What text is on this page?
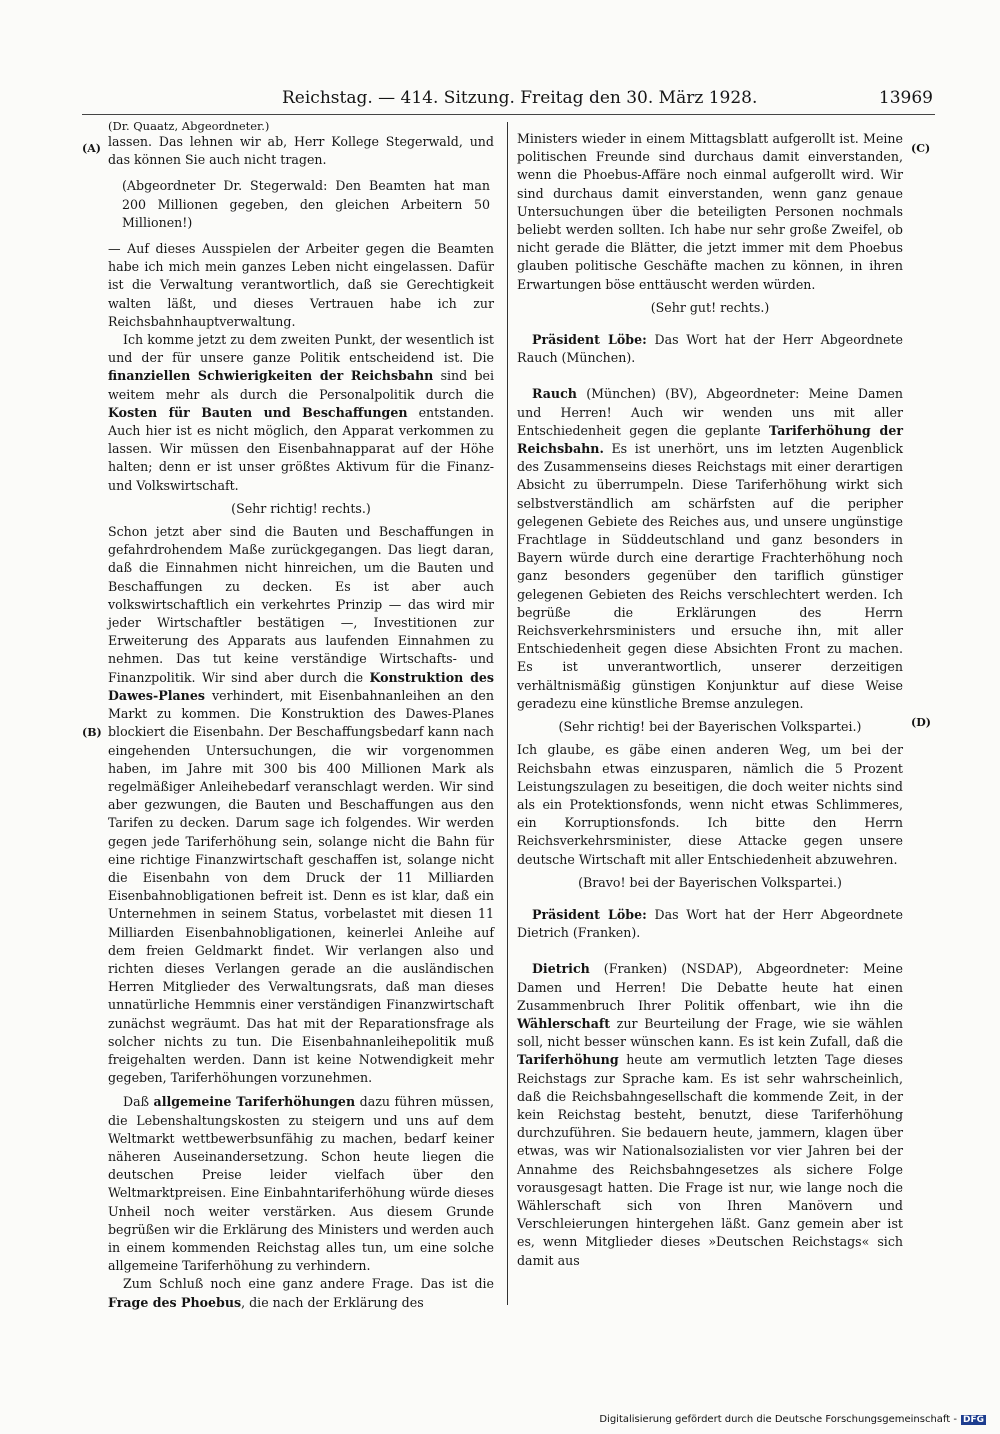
Reichstag. — 414. Sitzung. Freitag den 30. März 1928.	13969
(Dr. Quaatz, Abgeordneter.)
(A)
(B)
(C)
(D)

lassen. Das lehnen wir ab, Herr Kollege Stegerwald, und das können Sie auch nicht tragen.

(Abgeordneter Dr. Stegerwald: Den Beamten hat man 200 Millionen gegeben, den gleichen Arbeitern 50 Millionen!)

— Auf dieses Ausspielen der Arbeiter gegen die Beamten habe ich mich mein ganzes Leben nicht eingelassen. Dafür ist die Verwaltung verantwortlich, daß sie Gerechtigkeit walten läßt, und dieses Vertrauen habe ich zur Reichsbahnhauptverwaltung.

Ich komme jetzt zu dem zweiten Punkt, der wesentlich ist und der für unsere ganze Politik entscheidend ist. Die finanziellen Schwierigkeiten der Reichsbahn sind bei weitem mehr als durch die Personalpolitik durch die Kosten für Bauten und Beschaffungen entstanden. Auch hier ist es nicht möglich, den Apparat verkommen zu lassen. Wir müssen den Eisenbahnapparat auf der Höhe halten; denn er ist unser größtes Aktivum für die Finanz- und Volkswirtschaft.

(Sehr richtig! rechts.)

Schon jetzt aber sind die Bauten und Beschaffungen in gefahrdrohendem Maße zurückgegangen. Das liegt daran, daß die Einnahmen nicht hinreichen, um die Bauten und Beschaffungen zu decken. Es ist aber auch volkswirtschaftlich ein verkehrtes Prinzip — das wird mir jeder Wirtschaftler bestätigen —, Investitionen zur Erweiterung des Apparats aus laufenden Einnahmen zu nehmen. Das tut keine verständige Wirtschafts- und Finanzpolitik. Wir sind aber durch die Konstruktion des Dawes-Planes verhindert, mit Eisenbahnanleihen an den Markt zu kommen. Die Konstruktion des Dawes-Planes blockiert die Eisenbahn. Der Beschaffungsbedarf kann nach eingehenden Untersuchungen, die wir vorgenommen haben, im Jahre mit 300 bis 400 Millionen Mark als regelmäßiger Anleihebedarf veranschlagt werden. Wir sind aber gezwungen, die Bauten und Beschaffungen aus den Tarifen zu decken. Darum sage ich folgendes. Wir werden gegen jede Tariferhöhung sein, solange nicht die Bahn für eine richtige Finanzwirtschaft geschaffen ist, solange nicht die Eisenbahn von dem Druck der 11 Milliarden Eisenbahnobligationen befreit ist. Denn es ist klar, daß ein Unternehmen in seinem Status, vorbelastet mit diesen 11 Milliarden Eisenbahnobligationen, keinerlei Anleihe auf dem freien Geldmarkt findet. Wir verlangen also und richten dieses Verlangen gerade an die ausländischen Herren Mitglieder des Verwaltungsrats, daß man dieses unnatürliche Hemmnis einer verständigen Finanzwirtschaft zunächst wegräumt. Das hat mit der Reparationsfrage als solcher nichts zu tun. Die Eisenbahnanleihepolitik muß freigehalten werden. Dann ist keine Notwendigkeit mehr gegeben, Tariferhöhungen vorzunehmen.

Daß allgemeine Tariferhöhungen dazu führen müssen, die Lebenshaltungskosten zu steigern und uns auf dem Weltmarkt wettbewerbsunfähig zu machen, bedarf keiner näheren Auseinandersetzung. Schon heute liegen die deutschen Preise leider vielfach über den Weltmarktpreisen. Eine Einbahntariferhöhung würde dieses Unheil noch weiter verstärken. Aus diesem Grunde begrüßen wir die Erklärung des Ministers und werden auch in einem kommenden Reichstag alles tun, um eine solche allgemeine Tariferhöhung zu verhindern.

Zum Schluß noch eine ganz andere Frage. Das ist die Frage des Phoebus, die nach der Erklärung des

Ministers wieder in einem Mittagsblatt aufgerollt ist. Meine politischen Freunde sind durchaus damit einverstanden, wenn die Phoebus-Affäre noch einmal aufgerollt wird. Wir sind durchaus damit einverstanden, wenn ganz genaue Untersuchungen über die beteiligten Personen nochmals beliebt werden sollten. Ich habe nur sehr große Zweifel, ob nicht gerade die Blätter, die jetzt immer mit dem Phoebus glauben politische Geschäfte machen zu können, in ihren Erwartungen böse enttäuscht werden würden.

(Sehr gut! rechts.)

Präsident Löbe: Das Wort hat der Herr Abgeordnete Rauch (München).

Rauch (München) (BV), Abgeordneter: Meine Damen und Herren! Auch wir wenden uns mit aller Entschiedenheit gegen die geplante Tariferhöhung der Reichsbahn. Es ist unerhört, uns im letzten Augenblick des Zusammenseins dieses Reichstags mit einer derartigen Absicht zu überrumpeln. Diese Tariferhöhung wirkt sich selbstverständlich am schärfsten auf die peripher gelegenen Gebiete des Reiches aus, und unsere ungünstige Frachtlage in Süddeutschland und ganz besonders in Bayern würde durch eine derartige Frachterhöhung noch ganz besonders gegenüber den tariflich günstiger gelegenen Gebieten des Reichs verschlechtert werden. Ich begrüße die Erklärungen des Herrn Reichsverkehrsministers und ersuche ihn, mit aller Entschiedenheit gegen diese Absichten Front zu machen. Es ist unverantwortlich, unserer derzeitigen verhältnismäßig günstigen Konjunktur auf diese Weise geradezu eine künstliche Bremse anzulegen.

(Sehr richtig! bei der Bayerischen Volkspartei.)

Ich glaube, es gäbe einen anderen Weg, um bei der Reichsbahn etwas einzusparen, nämlich die 5 Prozent Leistungszulagen zu beseitigen, die doch weiter nichts sind als ein Protektionsfonds, wenn nicht etwas Schlimmeres, ein Korruptionsfonds. Ich bitte den Herrn Reichsverkehrsminister, diese Attacke gegen unsere deutsche Wirtschaft mit aller Entschiedenheit abzuwehren.

(Bravo! bei der Bayerischen Volkspartei.)

Präsident Löbe: Das Wort hat der Herr Abgeordnete Dietrich (Franken).

Dietrich (Franken) (NSDAP), Abgeordneter: Meine Damen und Herren! Die Debatte heute hat einen Zusammenbruch Ihrer Politik offenbart, wie ihn die Wählerschaft zur Beurteilung der Frage, wie sie wählen soll, nicht besser wünschen kann. Es ist kein Zufall, daß die Tariferhöhung heute am vermutlich letzten Tage dieses Reichstags zur Sprache kam. Es ist sehr wahrscheinlich, daß die Reichsbahngesellschaft die kommende Zeit, in der kein Reichstag besteht, benutzt, diese Tariferhöhung durchzuführen. Sie bedauern heute, jammern, klagen über etwas, was wir Nationalsozialisten vor vier Jahren bei der Annahme des Reichsbahngesetzes als sichere Folge vorausgesagt hatten. Die Frage ist nur, wie lange noch die Wählerschaft sich von Ihren Manövern und Verschleierungen hintergehen läßt. Ganz gemein aber ist es, wenn Mitglieder dieses »Deutschen Reichstags« sich damit aus

Digitalisierung gefördert durch die Deutsche Forschungsgemeinschaft - DFG
